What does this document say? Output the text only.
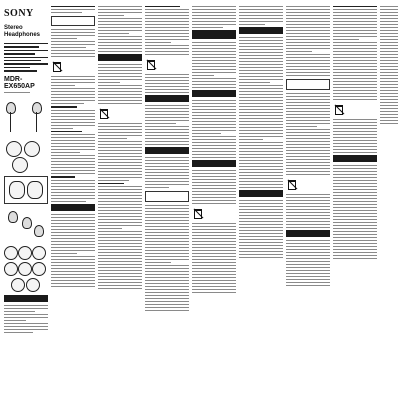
SONY
Stereo
Headphones
MDR-EX650AP
